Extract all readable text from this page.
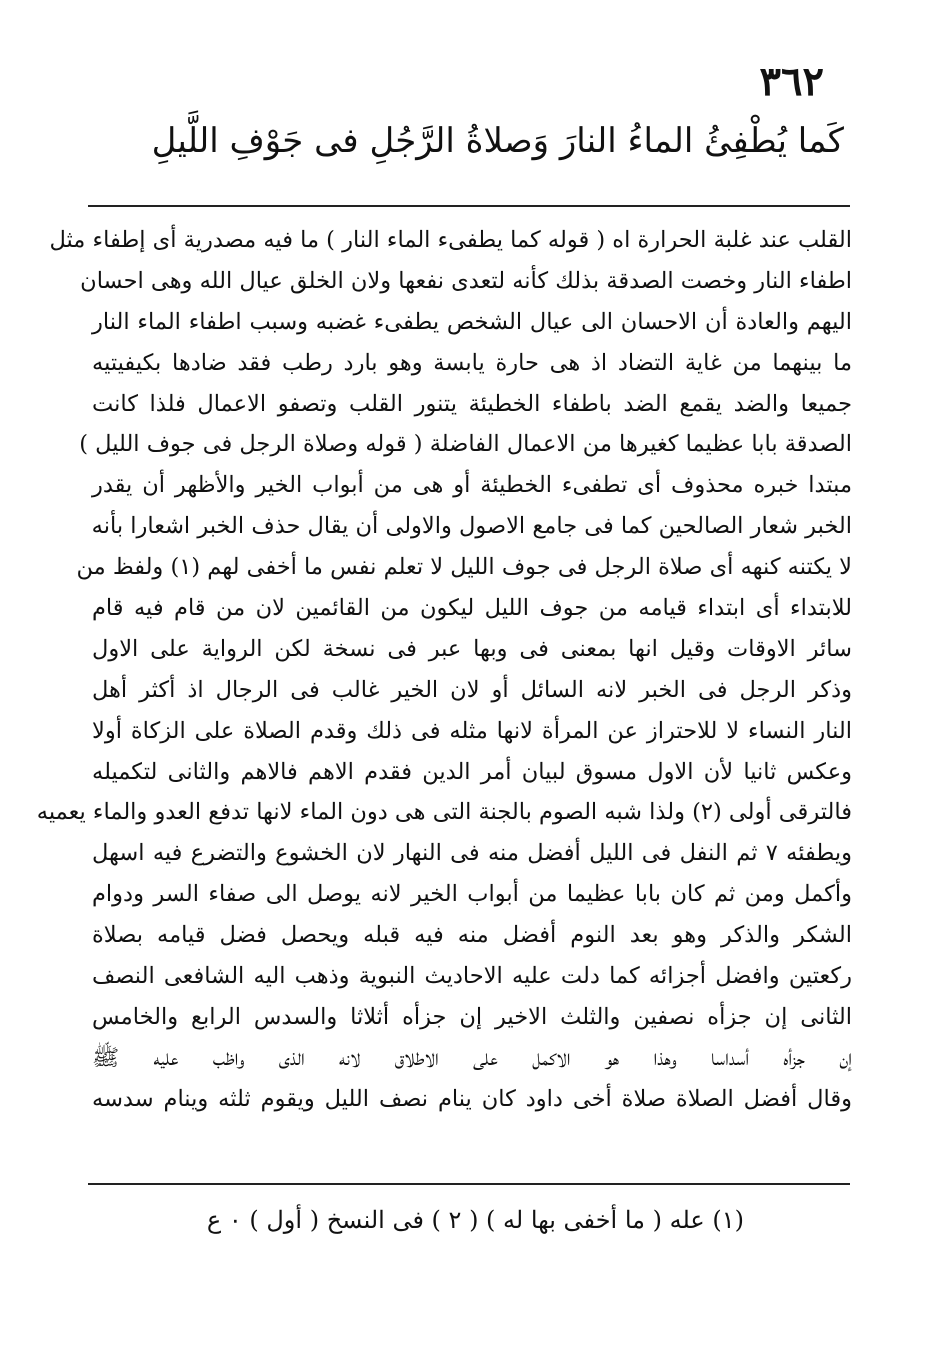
٣٦٢

كَما يُطْفِئُ الماءُ النارَ وَصلاةُ الرَّجُلِ فى جَوْفِ اللَّيلِ

القلب عند غلبة الحرارة اه ( قوله كما يطفىء الماء النار ) ما فيه مصدرية أى إطفاء مثل
اطفاء النار وخصت الصدقة بذلك كأنه لتعدى نفعها ولان الخلق عيال الله وهى احسان
اليهم والعادة أن الاحسان الى عيال الشخص يطفىء غضبه وسبب اطفاء الماء النار
ما بينهما من غاية التضاد اذ هى حارة يابسة وهو بارد رطب فقد ضادها بكيفيتيه
جميعا والضد يقمع الضد باطفاء الخطيئة يتنور القلب وتصفو الاعمال فلذا كانت
الصدقة بابا عظيما كغيرها من الاعمال الفاضلة ( قوله وصلاة الرجل فى جوف الليل )
مبتدا خبره محذوف أى تطفىء الخطيئة أو هى من أبواب الخير والأظهر أن يقدر
الخبر شعار الصالحين كما فى جامع الاصول والاولى أن يقال حذف الخبر اشعارا بأنه
لا يكتنه كنهه أى صلاة الرجل فى جوف الليل لا تعلم نفس ما أخفى لهم (١) ولفظ من
للابتداء أى ابتداء قيامه من جوف الليل ليكون من القائمين لان من قام فيه قام
سائر الاوقات وقيل انها بمعنى فى وبها عبر فى نسخة لكن الرواية على الاول
وذكر الرجل فى الخبر لانه السائل أو لان الخير غالب فى الرجال اذ أكثر أهل
النار النساء لا للاحتراز عن المرأة لانها مثله فى ذلك وقدم الصلاة على الزكاة أولا
وعكس ثانيا لأن الاول مسوق لبيان أمر الدين فقدم الاهم فالاهم والثانى لتكميله
فالترقى أولى (٢) ولذا شبه الصوم بالجنة التى هى دون الماء لانها تدفع العدو والماء يعميه
ويطفئه ٧ ثم النفل فى الليل أفضل منه فى النهار لان الخشوع والتضرع فيه اسهل
وأكمل ومن ثم كان بابا عظيما من أبواب الخير لانه يوصل الى صفاء السر ودوام
الشكر والذكر وهو بعد النوم أفضل منه فيه قبله ويحصل فضل قيامه بصلاة
ركعتين وافضل أجزائه كما دلت عليه الاحاديث النبوية وذهب اليه الشافعى النصف
الثانى إن جزأه نصفين والثلث الاخير إن جزأه أثلاثا والسدس الرابع والخامس
إن جزأه أسداسا وهذا هو الاكمل على الاطلاق لانه الذى واظب عليه ﷺ
وقال أفضل الصلاة صلاة أخى داود كان ينام نصف الليل ويقوم ثلثه وينام سدسه

(١) عله ( ما أخفى بها له ) ( ٢ ) فى النسخ ( أول ) ٠ ع
